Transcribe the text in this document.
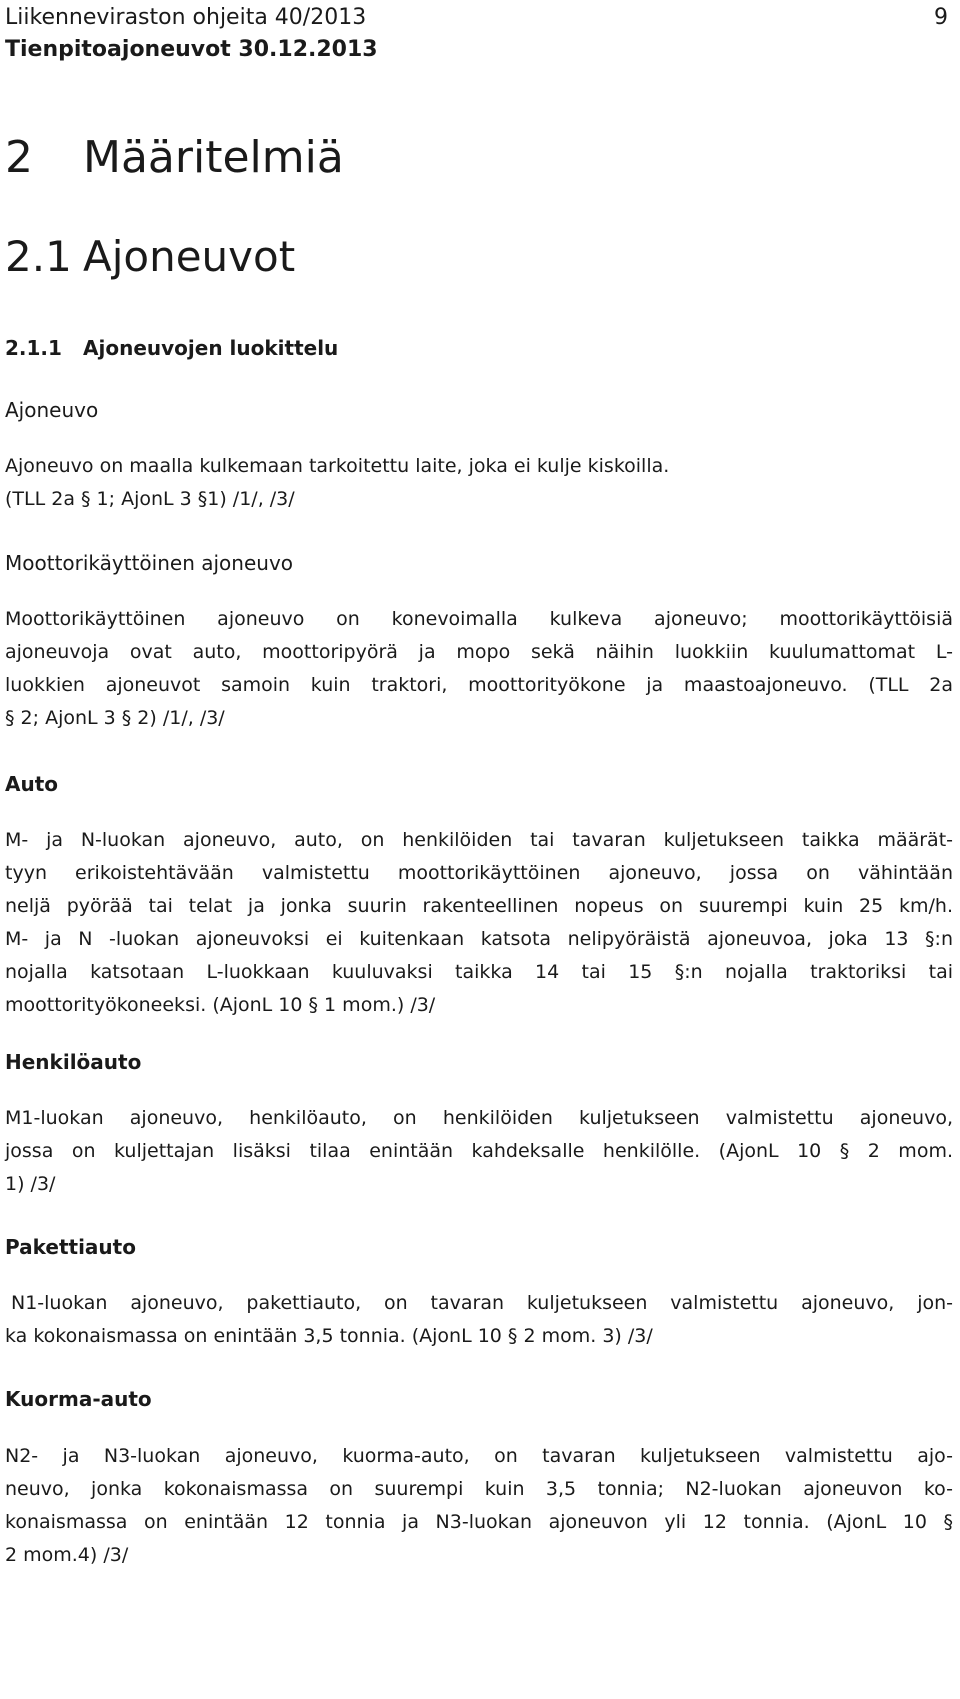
Liikenneviraston ohjeita 40/2013
Tienpitoajoneuvot 30.12.2013
9
2 Määritelmiä
2.1 Ajoneuvot
2.1.1 Ajoneuvojen luokittelu
Ajoneuvo
Ajoneuvo on maalla kulkemaan tarkoitettu laite, joka ei kulje kiskoilla.
(TLL 2a § 1; AjonL 3 §1) /1/, /3/
Moottorikäyttöinen ajoneuvo
Moottorikäyttöinen ajoneuvo on konevoimalla kulkeva ajoneuvo; moottorikäyttöisiä
ajoneuvoja ovat auto, moottoripyörä ja mopo sekä näihin luokkiin kuulumattomat L-
luokkien ajoneuvot samoin kuin traktori, moottorityökone ja maastoajoneuvo. (TLL 2a
§ 2; AjonL 3 § 2) /1/, /3/
Auto
M- ja N-luokan ajoneuvo, auto, on henkilöiden tai tavaran kuljetukseen taikka määrät-
tyyn erikoistehtävään valmistettu moottorikäyttöinen ajoneuvo, jossa on vähintään
neljä pyörää tai telat ja jonka suurin rakenteellinen nopeus on suurempi kuin 25 km/h.
M- ja N -luokan ajoneuvoksi ei kuitenkaan katsota nelipyöräistä ajoneuvoa, joka 13 §:n
nojalla katsotaan L-luokkaan kuuluvaksi taikka 14 tai 15 §:n nojalla traktoriksi tai
moottorityökoneeksi. (AjonL 10 § 1 mom.) /3/
Henkilöauto
M1-luokan ajoneuvo, henkilöauto, on henkilöiden kuljetukseen valmistettu ajoneuvo,
jossa on kuljettajan lisäksi tilaa enintään kahdeksalle henkilölle. (AjonL 10 § 2 mom.
1) /3/
Pakettiauto
N1-luokan ajoneuvo, pakettiauto, on tavaran kuljetukseen valmistettu ajoneuvo, jon-
ka kokonaismassa on enintään 3,5 tonnia. (AjonL 10 § 2 mom. 3) /3/
Kuorma-auto
N2- ja N3-luokan ajoneuvo, kuorma-auto, on tavaran kuljetukseen valmistettu ajo-
neuvo, jonka kokonaismassa on suurempi kuin 3,5 tonnia; N2-luokan ajoneuvon ko-
konaismassa on enintään 12 tonnia ja N3-luokan ajoneuvon yli 12 tonnia. (AjonL 10 §
2 mom.4) /3/
